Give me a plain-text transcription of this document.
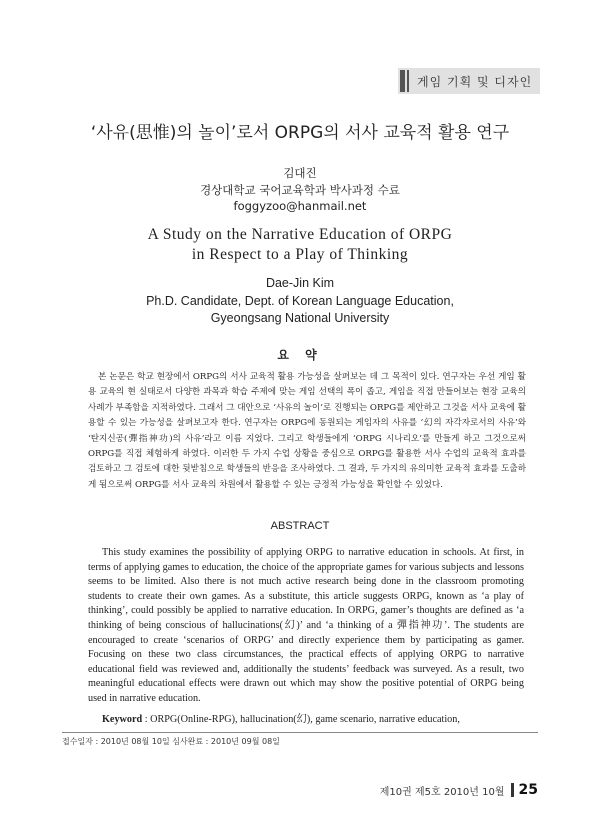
게임 기획 및 디자인
‘사유(思惟)의 놀이’로서 ORPG의 서사 교육적 활용 연구
김대진
경상대학교 국어교육학과 박사과정 수료
foggyzoo@hanmail.net
A Study on the Narrative Education of ORPG
in Respect to a Play of Thinking
Dae-Jin Kim
Ph.D. Candidate, Dept. of Korean Language Education,
Gyeongsang National University
요 약
본 논문은 학교 현장에서 ORPG의 서사 교육적 활용 가능성을 살펴보는 데 그 목적이 있다. 연구자는 우선 게임 활용 교육의 현 실태로서 다양한 과목과 학습 주제에 맞는 게임 선택의 폭이 좁고, 게임을 직접 만들어보는 현장 교육의 사례가 부족함을 지적하였다. 그래서 그 대안으로 ‘사유의 놀이’로 진행되는 ORPG를 제안하고 그것을 서사 교육에 활용할 수 있는 가능성을 살펴보고자 한다. 연구자는 ORPG에 동원되는 게임자의 사유를 ‘幻의 자각자로서의 사유’와 ‘탄지신공(彈指神功)의 사유’라고 이름 지었다. 그리고 학생들에게 ‘ORPG 시나리오’를 만들게 하고 그것으로써 ORPG를 직접 체험하게 하였다. 이러한 두 가지 수업 상황을 중심으로 ORPG를 활용한 서사 수업의 교육적 효과를 검토하고 그 검토에 대한 뒷받침으로 학생들의 반응을 조사하였다. 그 결과, 두 가지의 유의미한 교육적 효과를 도출하게 됨으로써 ORPG를 서사 교육의 차원에서 활용할 수 있는 긍정적 가능성을 확인할 수 있었다.
ABSTRACT
This study examines the possibility of applying ORPG to narrative education in schools. At first, in terms of applying games to education, the choice of the appropriate games for various subjects and lessons seems to be limited. Also there is not much active research being done in the classroom promoting students to create their own games. As a substitute, this article suggests ORPG, known as ‘a play of thinking’, could possibly be applied to narrative education. In ORPG, gamer’s thoughts are defined as ‘a thinking of being conscious of hallucinations(幻)’ and ‘a thinking of a 彈指神功’. The students are encouraged to create ‘scenarios of ORPG’ and directly experience them by participating as gamer. Focusing on these two class circumstances, the practical effects of applying ORPG to narrative educational field was reviewed and, additionally the students’ feedback was surveyed. As a result, two meaningful educational effects were drawn out which may show the positive potential of ORPG being used in narrative education.
Keyword : ORPG(Online-RPG), hallucination(幻), game scenario, narrative education,
접수일자 : 2010년 08월 10일 심사완료 : 2010년 09월 08일
제10권 제5호 2010년 10월 25
